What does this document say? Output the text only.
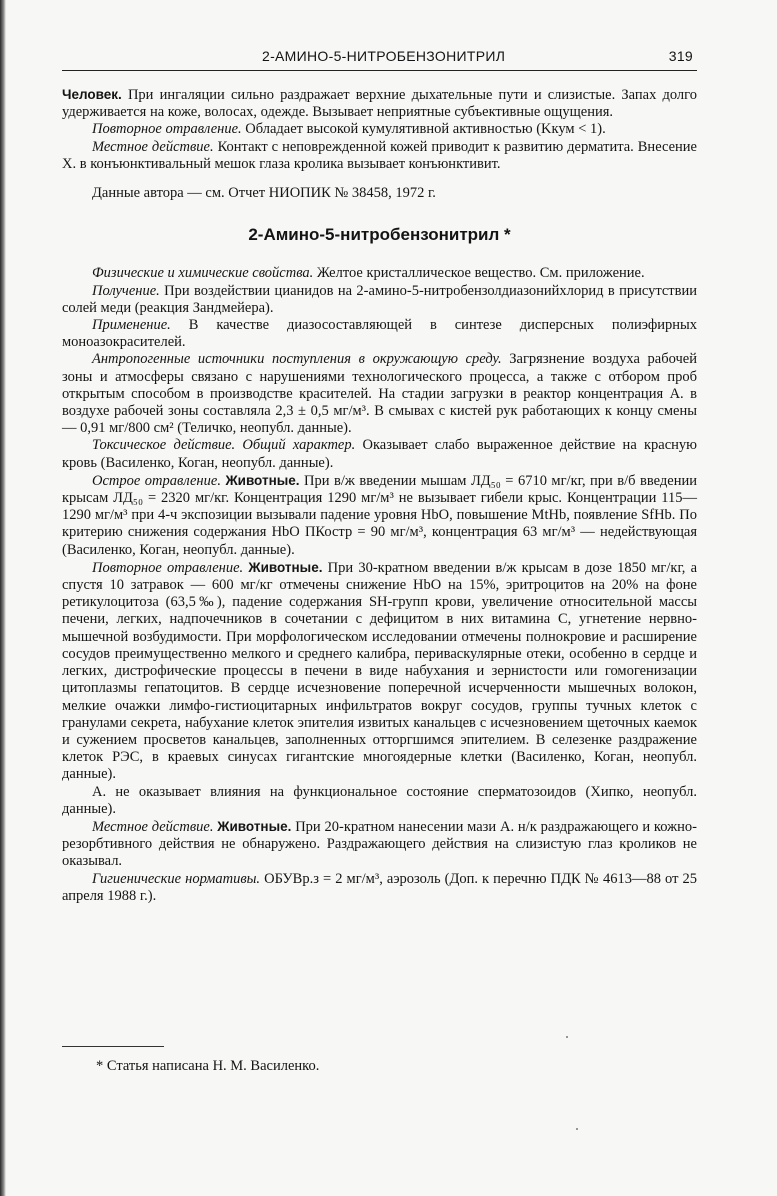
2-АМИНО-5-НИТРОБЕНЗОНИТРИЛ	319

Человек. При ингаляции сильно раздражает верхние дыхательные пути и слизистые. Запах долго удерживается на коже, волосах, одежде. Вызывает неприятные субъективные ощущения.

Повторное отравление. Обладает высокой кумулятивной активностью (Kкум < 1).

Местное действие. Контакт с неповрежденной кожей приводит к развитию дерматита. Внесение Х. в конъюнктивальный мешок глаза кролика вызывает конъюнктивит.

Данные автора — см. Отчет НИОПИК № 38458, 1972 г.

2-Амино-5-нитробензонитрил *

Физические и химические свойства. Желтое кристаллическое вещество. См. приложение.

Получение. При воздействии цианидов на 2-амино-5-нитробензолдиазонийхлорид в присутствии солей меди (реакция Зандмейера).

Применение. В качестве диазосоставляющей в синтезе дисперсных полиэфирных моноазокрасителей.

Антропогенные источники поступления в окружающую среду. Загрязнение воздуха рабочей зоны и атмосферы связано с нарушениями технологического процесса, а также с отбором проб открытым способом в производстве красителей. На стадии загрузки в реактор концентрация А. в воздухе рабочей зоны составляла 2,3 ± 0,5 мг/м³. В смывах с кистей рук работающих к концу смены — 0,91 мг/800 см² (Теличко, неопубл. данные).

Токсическое действие. Общий характер. Оказывает слабо выраженное действие на красную кровь (Василенко, Коган, неопубл. данные).

Острое отравление. Животные. При в/ж введении мышам ЛД₅₀ = 6710 мг/кг, при в/б введении крысам ЛД₅₀ = 2320 мг/кг. Концентрация 1290 мг/м³ не вызывает гибели крыс. Концентрации 115—1290 мг/м³ при 4-ч экспозиции вызывали падение уровня HbO, повышение MtHb, появление SfHb. По критерию снижения содержания HbO ПКостр = 90 мг/м³, концентрация 63 мг/м³ — недействующая (Василенко, Коган, неопубл. данные).

Повторное отравление. Животные. При 30-кратном введении в/ж крысам в дозе 1850 мг/кг, а спустя 10 затравок — 600 мг/кг отмечены снижение HbO на 15%, эритроцитов на 20% на фоне ретикулоцитоза (63,5‰), падение содержания SH-групп крови, увеличение относительной массы печени, легких, надпочечников в сочетании с дефицитом в них витамина С, угнетение нервно-мышечной возбудимости. При морфологическом исследовании отмечены полнокровие и расширение сосудов преимущественно мелкого и среднего калибра, периваскулярные отеки, особенно в сердце и легких, дистрофические процессы в печени в виде набухания и зернистости или гомогенизации цитоплазмы гепатоцитов. В сердце исчезновение поперечной исчерченности мышечных волокон, мелкие очажки лимфо-гистиоцитарных инфильтратов вокруг сосудов, группы тучных клеток с гранулами секрета, набухание клеток эпителия извитых канальцев с исчезновением щеточных каемок и сужением просветов канальцев, заполненных отторгшимся эпителием. В селезенке раздражение клеток РЭС, в краевых синусах гигантские многоядерные клетки (Василенко, Коган, неопубл. данные).

А. не оказывает влияния на функциональное состояние сперматозоидов (Хипко, неопубл. данные).

Местное действие. Животные. При 20-кратном нанесении мази А. н/к раздражающего и кожно-резорбтивного действия не обнаружено. Раздражающего действия на слизистую глаз кроликов не оказывал.

Гигиенические нормативы. ОБУВр.з = 2 мг/м³, аэрозоль (Доп. к перечню ПДК № 4613—88 от 25 апреля 1988 г.).

* Статья написана Н. М. Василенко.
